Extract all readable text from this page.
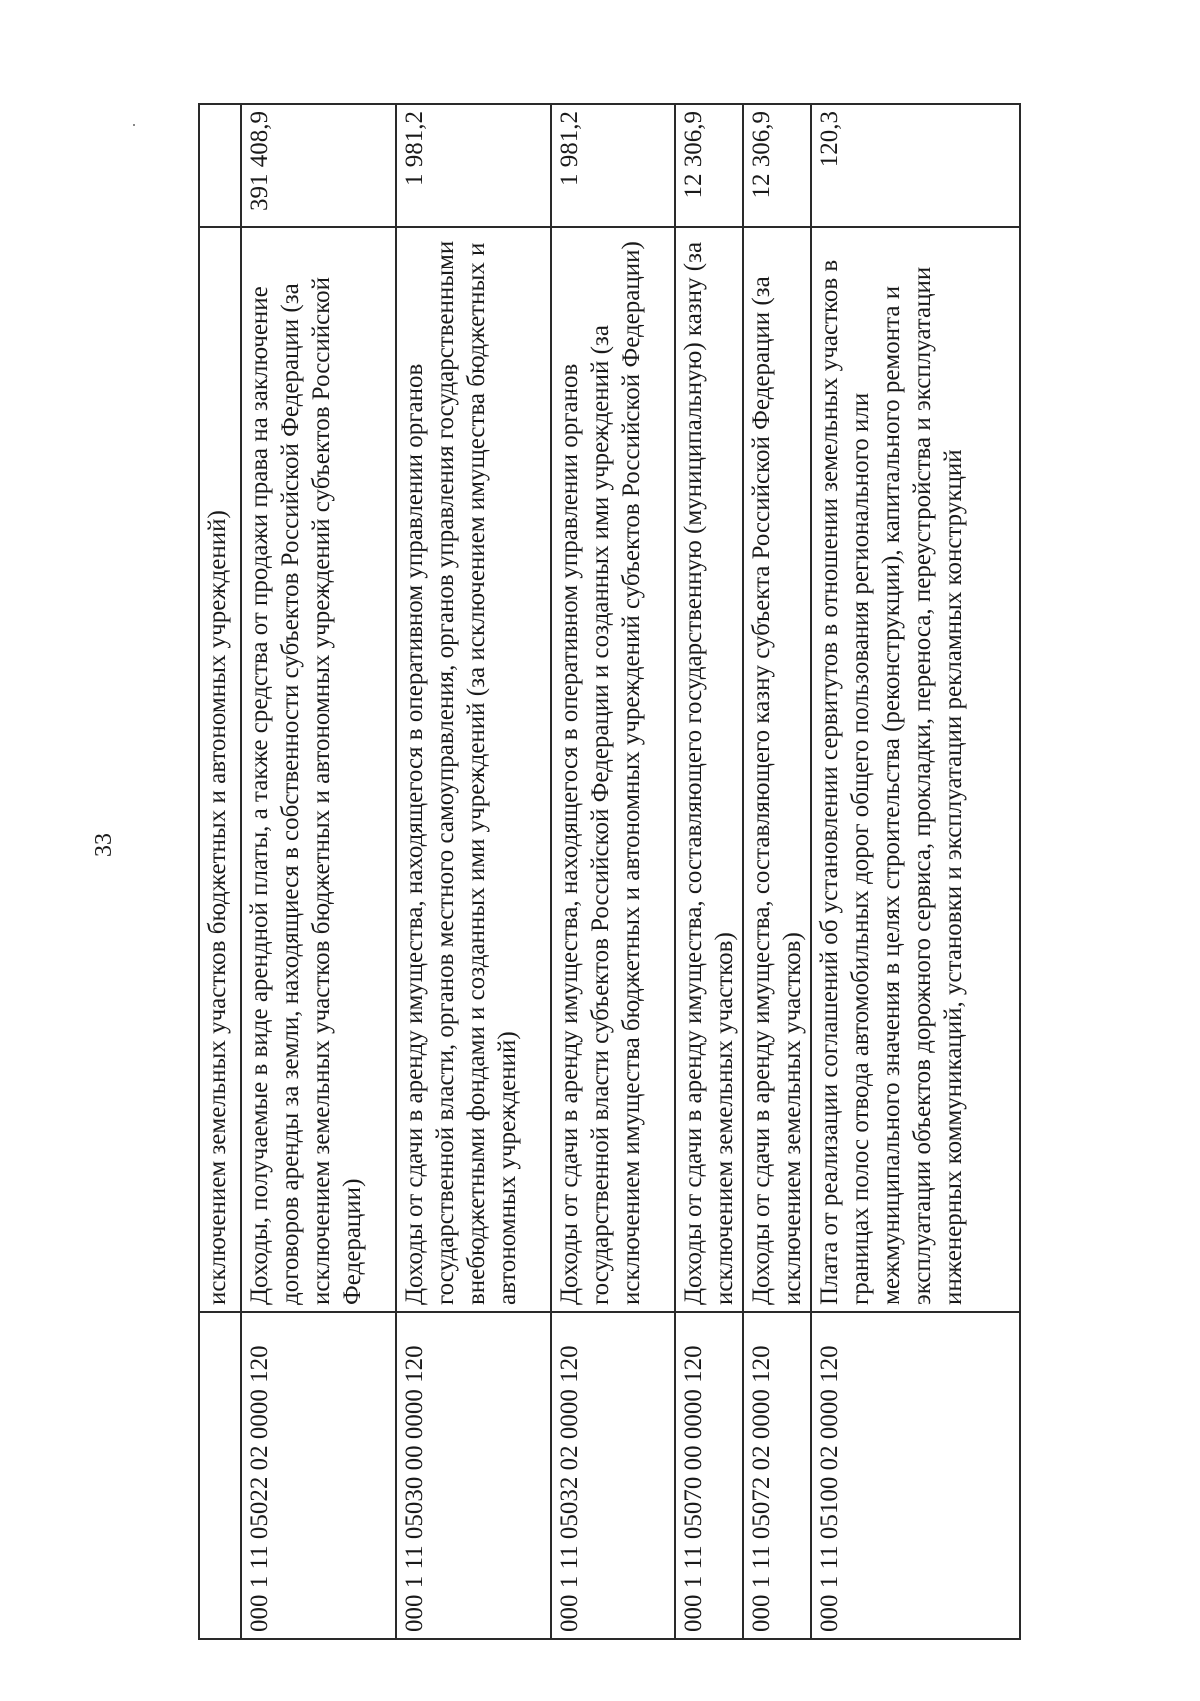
33
		исключением земельных участков бюджетных и автономных учреждений)	
000 1 11 05022 02 0000 120	Доходы, получаемые в виде арендной платы, а также средства от продажи права на заключение договоров аренды за земли, находящиеся в собственности субъектов Российской Федерации (за исключением земельных участков бюджетных и автономных учреждений субъектов Российской Федерации)	391 408,9
000 1 11 05030 00 0000 120	Доходы от сдачи в аренду имущества, находящегося в оперативном управлении органов государственной власти, органов местного самоуправления, органов управления государственными внебюджетными фондами и созданных ими учреждений (за исключением имущества бюджетных и автономных учреждений)	1 981,2
000 1 11 05032 02 0000 120	Доходы от сдачи в аренду имущества, находящегося в оперативном управлении органов государственной власти субъектов Российской Федерации и созданных ими учреждений (за исключением имущества бюджетных и автономных учреждений субъектов Российской Федерации)	1 981,2
000 1 11 05070 00 0000 120	Доходы от сдачи в аренду имущества, составляющего государственную (муниципальную) казну (за исключением земельных участков)	12 306,9
000 1 11 05072 02 0000 120	Доходы от сдачи в аренду имущества, составляющего казну субъекта Российской Федерации (за исключением земельных участков)	12 306,9
000 1 11 05100 02 0000 120	Плата от реализации соглашений об установлении сервитутов в отношении земельных участков в границах полос отвода автомобильных дорог общего пользования регионального или межмуниципального значения в целях строительства (реконструкции), капитального ремонта и эксплуатации объектов дорожного сервиса, прокладки, переноса, переустройства и эксплуатации инженерных коммуникаций, установки и эксплуатации рекламных конструкций	120,3
